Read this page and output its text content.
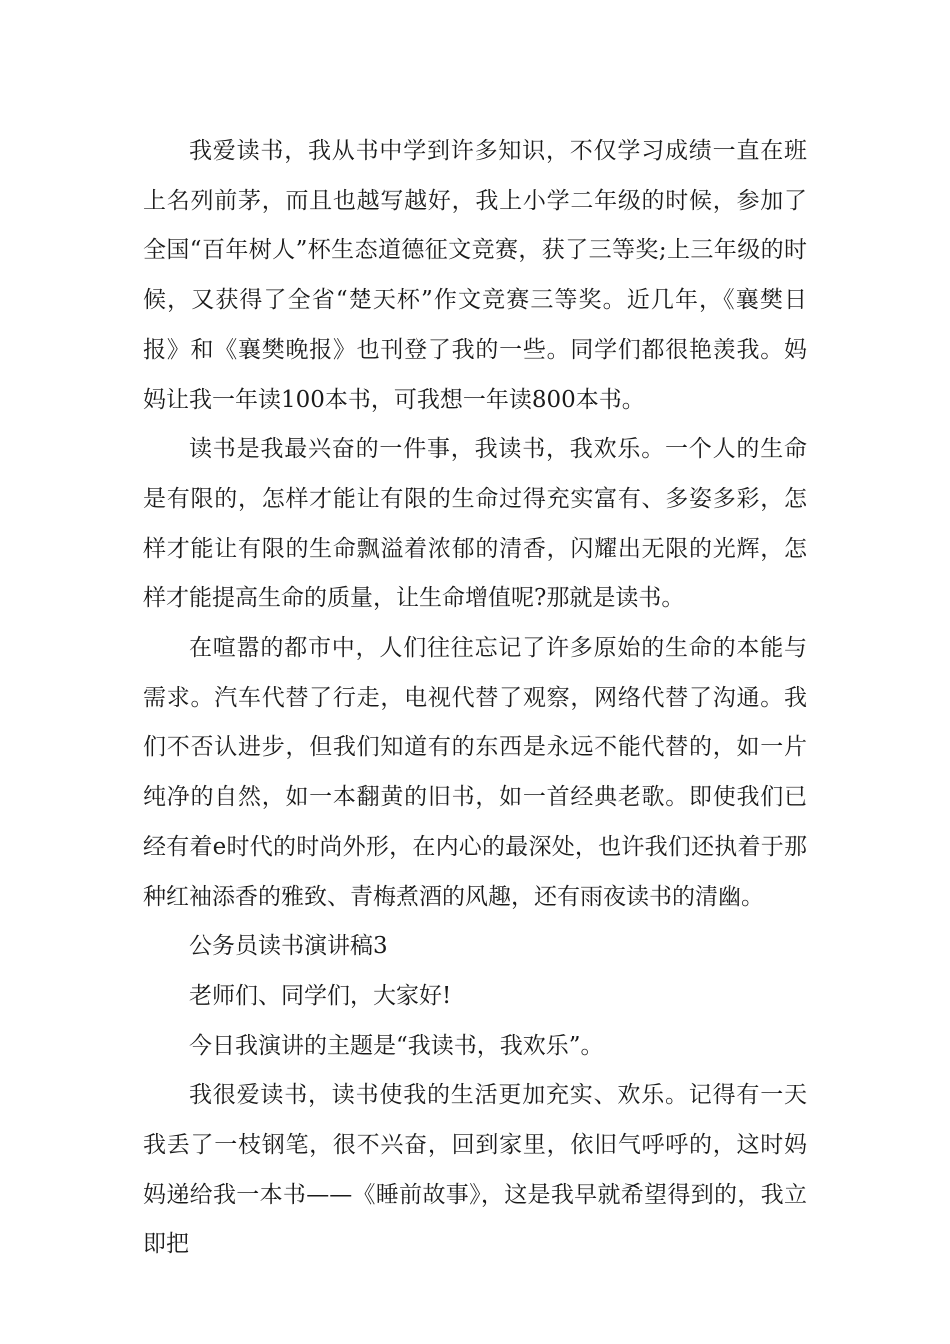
我爱读书，我从书中学到许多知识，不仅学习成绩一直在班上名列前茅，而且也越写越好，我上小学二年级的时候，参加了全国“百年树人”杯生态道德征文竞赛，获了三等奖;上三年级的时候，又获得了全省“楚天杯”作文竞赛三等奖。近几年，《襄樊日报》和《襄樊晚报》也刊登了我的一些。同学们都很艳羡我。妈妈让我一年读100本书，可我想一年读800本书。

读书是我最兴奋的一件事，我读书，我欢乐。一个人的生命是有限的，怎样才能让有限的生命过得充实富有、多姿多彩，怎样才能让有限的生命飘溢着浓郁的清香，闪耀出无限的光辉，怎样才能提高生命的质量，让生命增值呢?那就是读书。

在喧嚣的都市中，人们往往忘记了许多原始的生命的本能与需求。汽车代替了行走，电视代替了观察，网络代替了沟通。我们不否认进步，但我们知道有的东西是永远不能代替的，如一片纯净的自然，如一本翻黄的旧书，如一首经典老歌。即使我们已经有着e时代的时尚外形，在内心的最深处，也许我们还执着于那种红袖添香的雅致、青梅煮酒的风趣，还有雨夜读书的清幽。

公务员读书演讲稿3

老师们、同学们，大家好!

今日我演讲的主题是“我读书，我欢乐”。

我很爱读书，读书使我的生活更加充实、欢乐。记得有一天我丢了一枝钢笔，很不兴奋，回到家里，依旧气呼呼的，这时妈妈递给我一本书——《睡前故事》，这是我早就希望得到的，我立即把
